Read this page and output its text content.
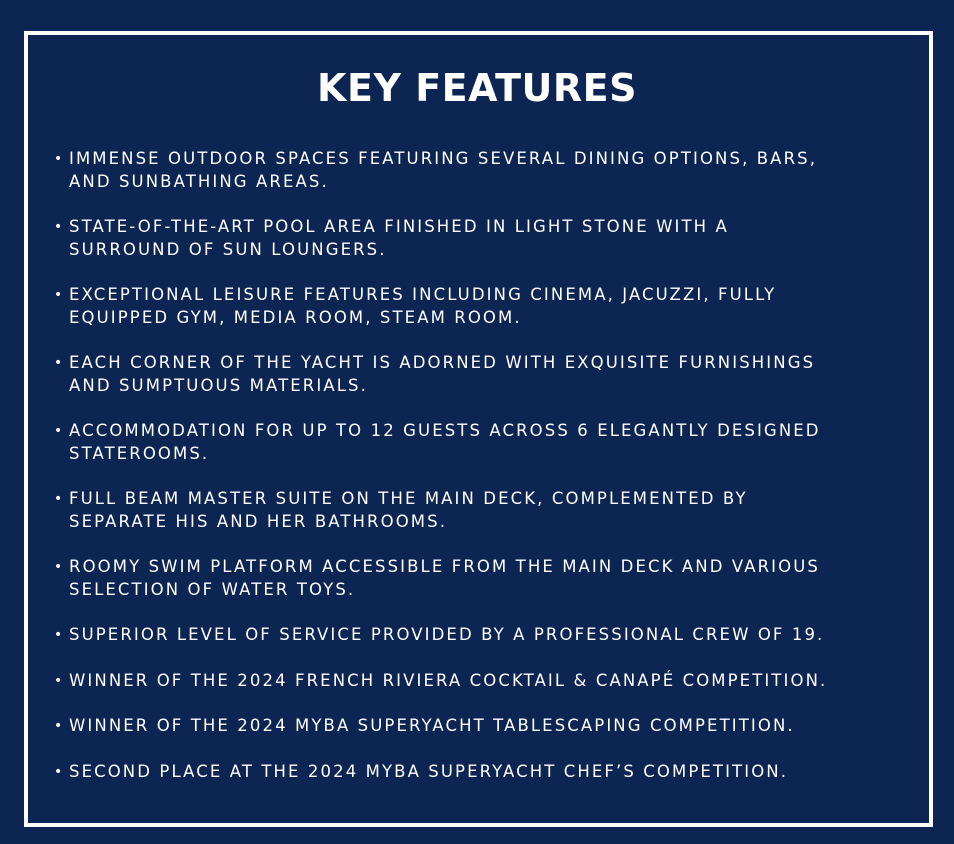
KEY FEATURES
• IMMENSE OUTDOOR SPACES FEATURING SEVERAL DINING OPTIONS, BARS,
AND SUNBATHING AREAS.
• STATE-OF-THE-ART POOL AREA FINISHED IN LIGHT STONE WITH A
SURROUND OF SUN LOUNGERS.
• EXCEPTIONAL LEISURE FEATURES INCLUDING CINEMA, JACUZZI, FULLY
EQUIPPED GYM, MEDIA ROOM, STEAM ROOM.
• EACH CORNER OF THE YACHT IS ADORNED WITH EXQUISITE FURNISHINGS
AND SUMPTUOUS MATERIALS.
• ACCOMMODATION FOR UP TO 12 GUESTS ACROSS 6 ELEGANTLY DESIGNED
STATEROOMS.
• FULL BEAM MASTER SUITE ON THE MAIN DECK, COMPLEMENTED BY
SEPARATE HIS AND HER BATHROOMS.
• ROOMY SWIM PLATFORM ACCESSIBLE FROM THE MAIN DECK AND VARIOUS
SELECTION OF WATER TOYS.
• SUPERIOR LEVEL OF SERVICE PROVIDED BY A PROFESSIONAL CREW OF 19.
• WINNER OF THE 2024 FRENCH RIVIERA COCKTAIL & CANAPÉ COMPETITION.
• WINNER OF THE 2024 MYBA SUPERYACHT TABLESCAPING COMPETITION.
• SECOND PLACE AT THE 2024 MYBA SUPERYACHT CHEF’S COMPETITION.
